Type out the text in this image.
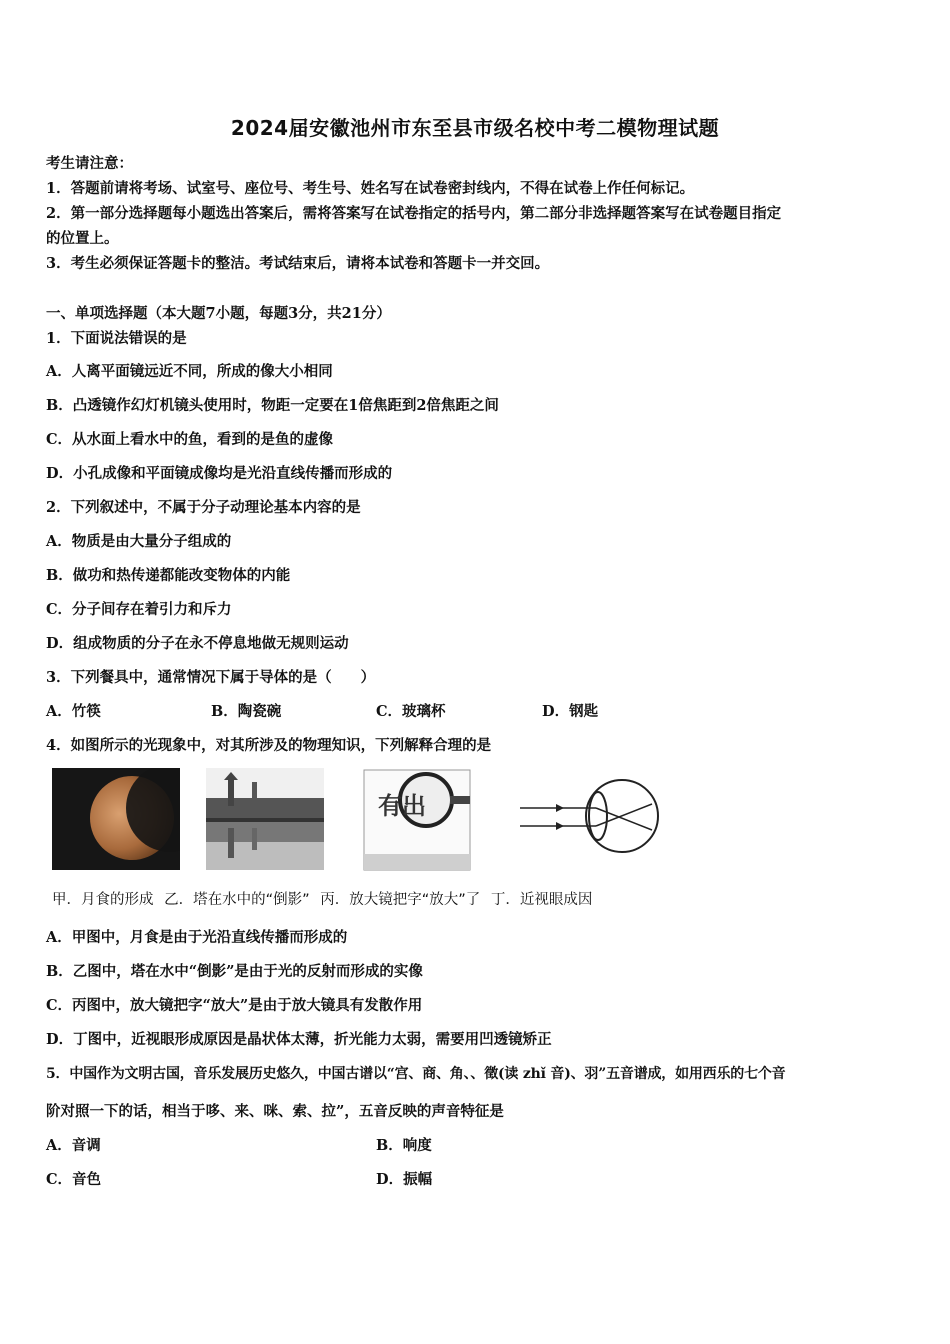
2024届安徽池州市东至县市级名校中考二模物理试题
考生请注意：
1．答题前请将考场、试室号、座位号、考生号、姓名写在试卷密封线内，不得在试卷上作任何标记。
2．第一部分选择题每小题选出答案后，需将答案写在试卷指定的括号内，第二部分非选择题答案写在试卷题目指定
的位置上。
3．考生必须保证答题卡的整洁。考试结束后，请将本试卷和答题卡一并交回。
一、单项选择题（本大题7小题，每题3分，共21分）
1．下面说法错误的是
A．人离平面镜远近不同，所成的像大小相同
B．凸透镜作幻灯机镜头使用时，物距一定要在1倍焦距到2倍焦距之间
C．从水面上看水中的鱼，看到的是鱼的虚像
D．小孔成像和平面镜成像均是光沿直线传播而形成的
2．下列叙述中，不属于分子动理论基本内容的是
A．物质是由大量分子组成的
B．做功和热传递都能改变物体的内能
C．分子间存在着引力和斥力
D．组成物质的分子在永不停息地做无规则运动
3．下列餐具中，通常情况下属于导体的是（　　）
A．竹筷	B．陶瓷碗	C．玻璃杯	D．钢匙
4．如图所示的光现象中，对其所涉及的物理知识，下列解释合理的是
有出
甲．月食的形成 乙．塔在水中的“倒影” 丙．放大镜把字“放大”了 丁．近视眼成因
A．甲图中，月食是由于光沿直线传播而形成的
B．乙图中，塔在水中“倒影”是由于光的反射而形成的实像
C．丙图中，放大镜把字“放大”是由于放大镜具有发散作用
D．丁图中，近视眼形成原因是晶状体太薄，折光能力太弱，需要用凹透镜矫正
5．中国作为文明古国，音乐发展历史悠久，中国古谱以“宫、商、角、、徵(读 zhǐ 音)、羽”五音谱成，如用西乐的七个音
阶对照一下的话，相当于哆、来、咪、索、拉”，五音反映的声音特征是
A．音调	B．响度
C．音色	D．振幅
